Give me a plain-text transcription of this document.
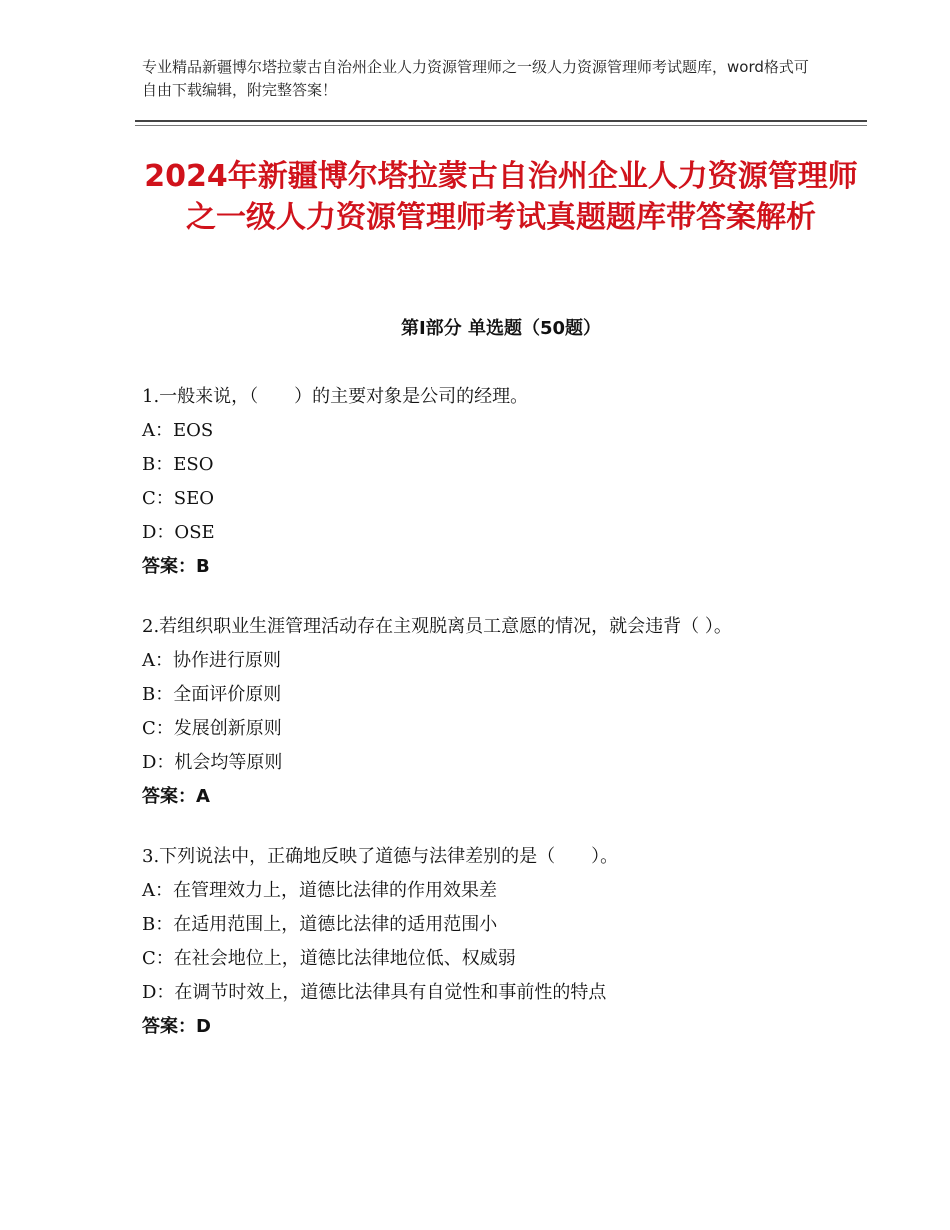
专业精品新疆博尔塔拉蒙古自治州企业人力资源管理师之一级人力资源管理师考试题库，word格式可自由下载编辑，附完整答案！
2024年新疆博尔塔拉蒙古自治州企业人力资源管理师之一级人力资源管理师考试真题题库带答案解析
第I部分 单选题（50题）
1.一般来说，（　　）的主要对象是公司的经理。
A：EOS
B：ESO
C：SEO
D：OSE
答案：B
2.若组织职业生涯管理活动存在主观脱离员工意愿的情况，就会违背（ ）。
A：协作进行原则
B：全面评价原则
C：发展创新原则
D：机会均等原则
答案：A
3.下列说法中，正确地反映了道德与法律差别的是（　　）。
A：在管理效力上，道德比法律的作用效果差
B：在适用范围上，道德比法律的适用范围小
C：在社会地位上，道德比法律地位低、权威弱
D：在调节时效上，道德比法律具有自觉性和事前性的特点
答案：D
